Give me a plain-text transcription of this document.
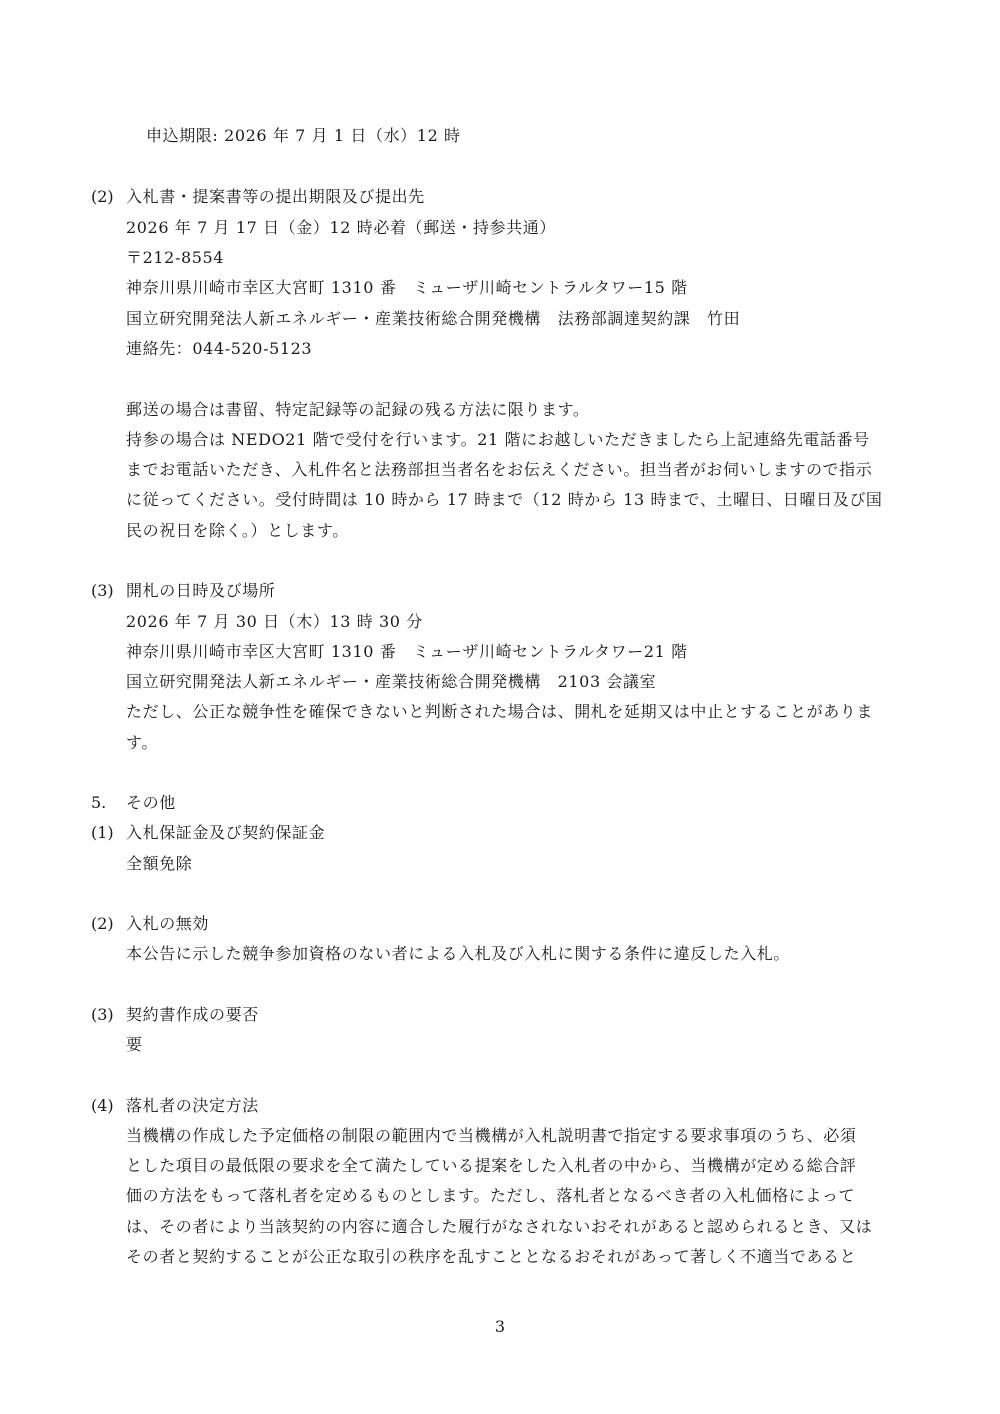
申込期限: 2026 年 7 月 1 日（水）12 時
(2) 入札書・提案書等の提出期限及び提出先
2026 年 7 月 17 日（金）12 時必着（郵送・持参共通）
〒212-8554
神奈川県川崎市幸区大宮町 1310 番　ミューザ川崎セントラルタワー15 階
国立研究開発法人新エネルギー・産業技術総合開発機構　法務部調達契約課　竹田
連絡先：044-520-5123
郵送の場合は書留、特定記録等の記録の残る方法に限ります。
持参の場合は NEDO21 階で受付を行います。21 階にお越しいただきましたら上記連絡先電話番号
までお電話いただき、入札件名と法務部担当者名をお伝えください。担当者がお伺いしますので指示
に従ってください。受付時間は 10 時から 17 時まで（12 時から 13 時まで、土曜日、日曜日及び国
民の祝日を除く。）とします。
(3) 開札の日時及び場所
2026 年 7 月 30 日（木）13 時 30 分
神奈川県川崎市幸区大宮町 1310 番　ミューザ川崎セントラルタワー21 階
国立研究開発法人新エネルギー・産業技術総合開発機構　2103 会議室
ただし、公正な競争性を確保できないと判断された場合は、開札を延期又は中止とすることがありま
す。
5. その他
(1) 入札保証金及び契約保証金
全額免除
(2) 入札の無効
本公告に示した競争参加資格のない者による入札及び入札に関する条件に違反した入札。
(3) 契約書作成の要否
要
(4) 落札者の決定方法
当機構の作成した予定価格の制限の範囲内で当機構が入札説明書で指定する要求事項のうち、必須
とした項目の最低限の要求を全て満たしている提案をした入札者の中から、当機構が定める総合評
価の方法をもって落札者を定めるものとします。ただし、落札者となるべき者の入札価格によって
は、その者により当該契約の内容に適合した履行がなされないおそれがあると認められるとき、又は
その者と契約することが公正な取引の秩序を乱すこととなるおそれがあって著しく不適当であると
3
